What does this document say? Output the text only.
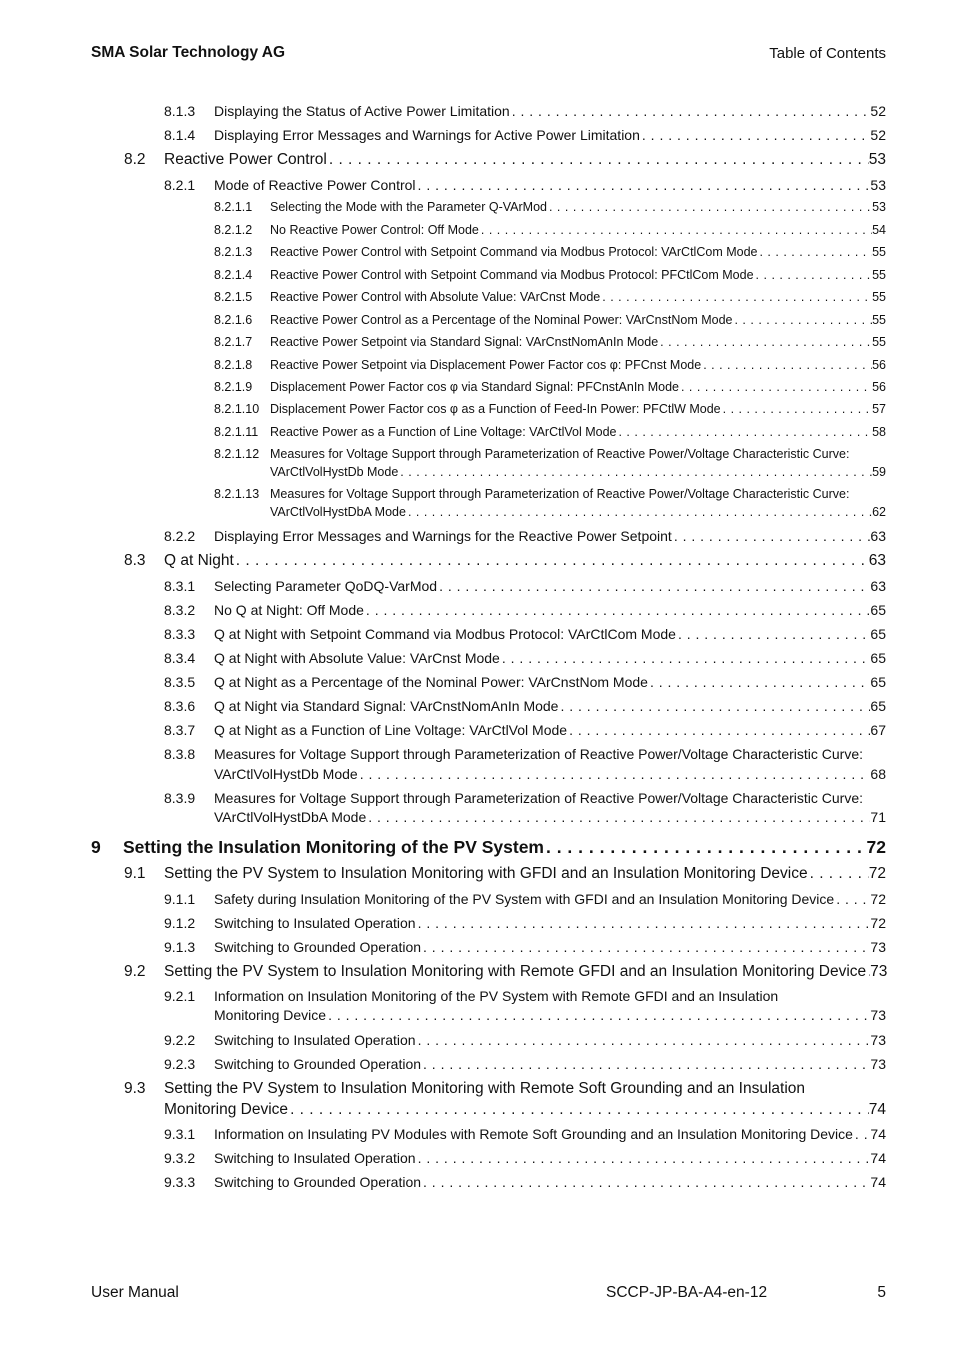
SMA Solar Technology AG	Table of Contents
8.1.3 Displaying the Status of Active Power Limitation . . .	52
8.1.4 Displaying Error Messages and Warnings for Active Power Limitation . . .	52
8.2 Reactive Power Control . . .	53
8.2.1 Mode of Reactive Power Control . . .	53
8.2.1.1 Selecting the Mode with the Parameter Q-VArMod . . .	53
8.2.1.2 No Reactive Power Control: Off Mode . . .	54
8.2.1.3 Reactive Power Control with Setpoint Command via Modbus Protocol: VArCtlCom Mode . . .	55
8.2.1.4 Reactive Power Control with Setpoint Command via Modbus Protocol: PFCtlCom Mode . . .	55
8.2.1.5 Reactive Power Control with Absolute Value: VArCnst Mode . . .	55
8.2.1.6 Reactive Power Control as a Percentage of the Nominal Power: VArCnstNom Mode . . .	55
8.2.1.7 Reactive Power Setpoint via Standard Signal: VArCnstNomAnIn Mode . . .	55
8.2.1.8 Reactive Power Setpoint via Displacement Power Factor cos φ: PFCnst Mode . . .	56
8.2.1.9 Displacement Power Factor cos φ via Standard Signal: PFCnstAnIn Mode . . .	56
8.2.1.10 Displacement Power Factor cos φ as a Function of Feed-In Power: PFCtlW Mode . . .	57
8.2.1.11 Reactive Power as a Function of Line Voltage: VArCtlVol Mode . . .	58
8.2.1.12 Measures for Voltage Support through Parameterization of Reactive Power/Voltage Characteristic Curve:
VArCtlVolHystDb Mode . . .	59
8.2.1.13 Measures for Voltage Support through Parameterization of Reactive Power/Voltage Characteristic Curve:
VArCtlVolHystDbA Mode . . .	62
8.2.2 Displaying Error Messages and Warnings for the Reactive Power Setpoint . . .	63
8.3 Q at Night . . .	63
8.3.1 Selecting Parameter QoDQ-VarMod . . .	63
8.3.2 No Q at Night: Off Mode . . .	65
8.3.3 Q at Night with Setpoint Command via Modbus Protocol: VArCtlCom Mode . . .	65
8.3.4 Q at Night with Absolute Value: VArCnst Mode . . .	65
8.3.5 Q at Night as a Percentage of the Nominal Power: VArCnstNom Mode . . .	65
8.3.6 Q at Night via Standard Signal: VArCnstNomAnIn Mode . . .	65
8.3.7 Q at Night as a Function of Line Voltage: VArCtlVol Mode . . .	67
8.3.8 Measures for Voltage Support through Parameterization of Reactive Power/Voltage Characteristic Curve:
VArCtlVolHystDb Mode . . .	68
8.3.9 Measures for Voltage Support through Parameterization of Reactive Power/Voltage Characteristic Curve:
VArCtlVolHystDbA Mode . . .	71
9 Setting the Insulation Monitoring of the PV System . . .	72
9.1 Setting the PV System to Insulation Monitoring with GFDI and an Insulation Monitoring Device . . .	72
9.1.1 Safety during Insulation Monitoring of the PV System with GFDI and an Insulation Monitoring Device . . .	72
9.1.2 Switching to Insulated Operation . . .	72
9.1.3 Switching to Grounded Operation . . .	73
9.2 Setting the PV System to Insulation Monitoring with Remote GFDI and an Insulation Monitoring Device . . . 73
9.2.1 Information on Insulation Monitoring of the PV System with Remote GFDI and an Insulation
Monitoring Device . . .	73
9.2.2 Switching to Insulated Operation . . .	73
9.2.3 Switching to Grounded Operation . . .	73
9.3 Setting the PV System to Insulation Monitoring with Remote Soft Grounding and an Insulation
Monitoring Device . . .	74
9.3.1 Information on Insulating PV Modules with Remote Soft Grounding and an Insulation Monitoring Device . . . 74
9.3.2 Switching to Insulated Operation . . .	74
9.3.3 Switching to Grounded Operation . . .	74
User Manual	SCCP-JP-BA-A4-en-12	5
